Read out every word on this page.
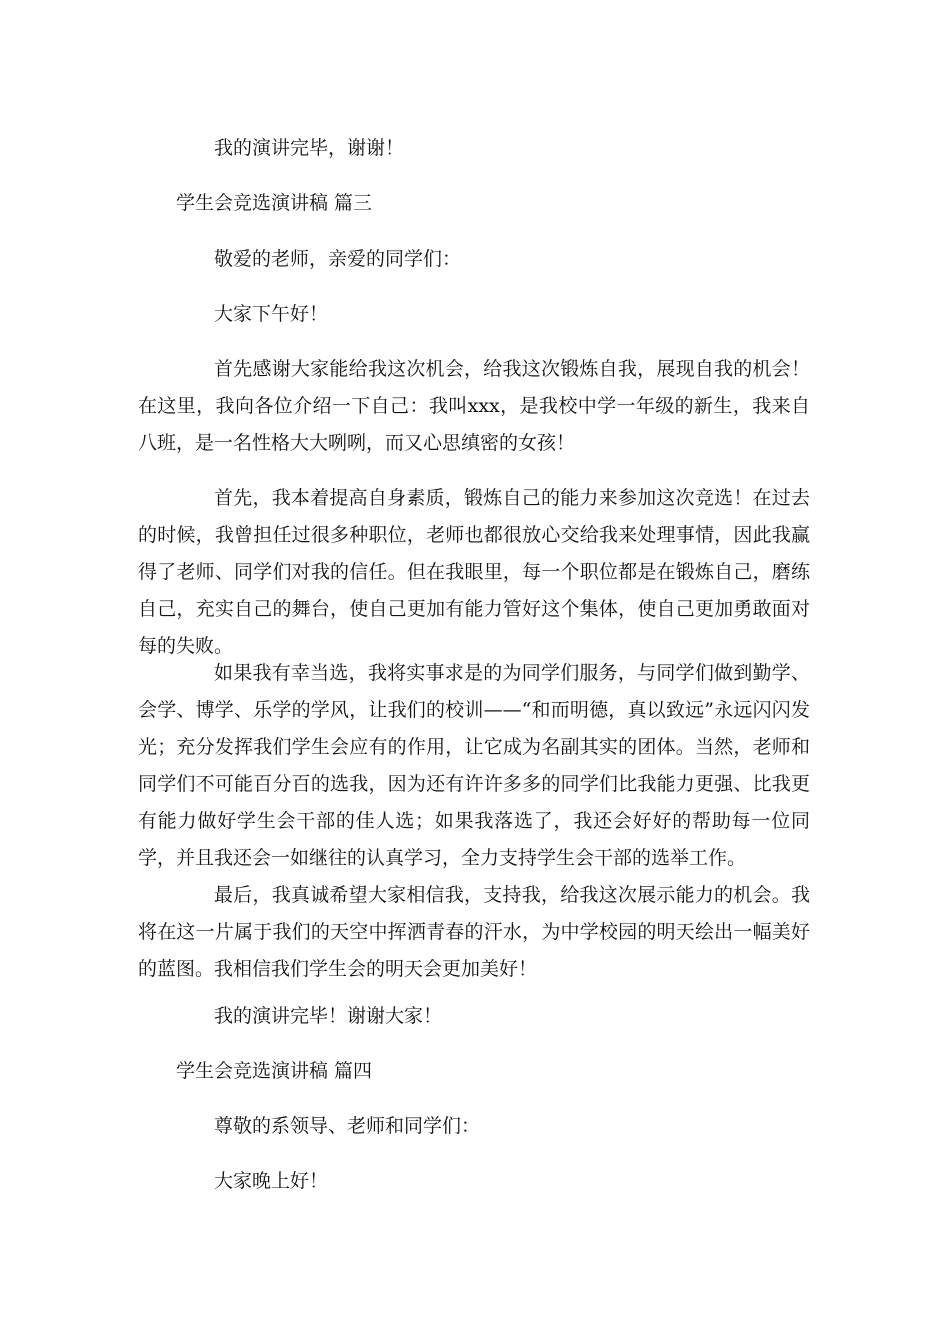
我的演讲完毕，谢谢！

学生会竞选演讲稿 篇三

敬爱的老师，亲爱的同学们：

大家下午好！

首先感谢大家能给我这次机会，给我这次锻炼自我，展现自我的机会！在这里，我向各位介绍一下自己：我叫xxx，是我校中学一年级的新生，我来自八班，是一名性格大大咧咧，而又心思缜密的女孩！

首先，我本着提高自身素质，锻炼自己的能力来参加这次竞选！在过去的时候，我曾担任过很多种职位，老师也都很放心交给我来处理事情，因此我赢得了老师、同学们对我的信任。但在我眼里，每一个职位都是在锻炼自己，磨练自己，充实自己的舞台，使自己更加有能力管好这个集体，使自己更加勇敢面对每的失败。

如果我有幸当选，我将实事求是的为同学们服务，与同学们做到勤学、会学、博学、乐学的学风，让我们的校训——“和而明德，真以致远”永远闪闪发光；充分发挥我们学生会应有的作用，让它成为名副其实的团体。当然，老师和同学们不可能百分百的选我，因为还有许许多多的同学们比我能力更强、比我更有能力做好学生会干部的佳人选；如果我落选了，我还会好好的帮助每一位同学，并且我还会一如继往的认真学习，全力支持学生会干部的选举工作。

最后，我真诚希望大家相信我，支持我，给我这次展示能力的机会。我将在这一片属于我们的天空中挥洒青春的汗水，为中学校园的明天绘出一幅美好的蓝图。我相信我们学生会的明天会更加美好！

我的演讲完毕！谢谢大家！

学生会竞选演讲稿 篇四

尊敬的系领导、老师和同学们：

大家晚上好！
